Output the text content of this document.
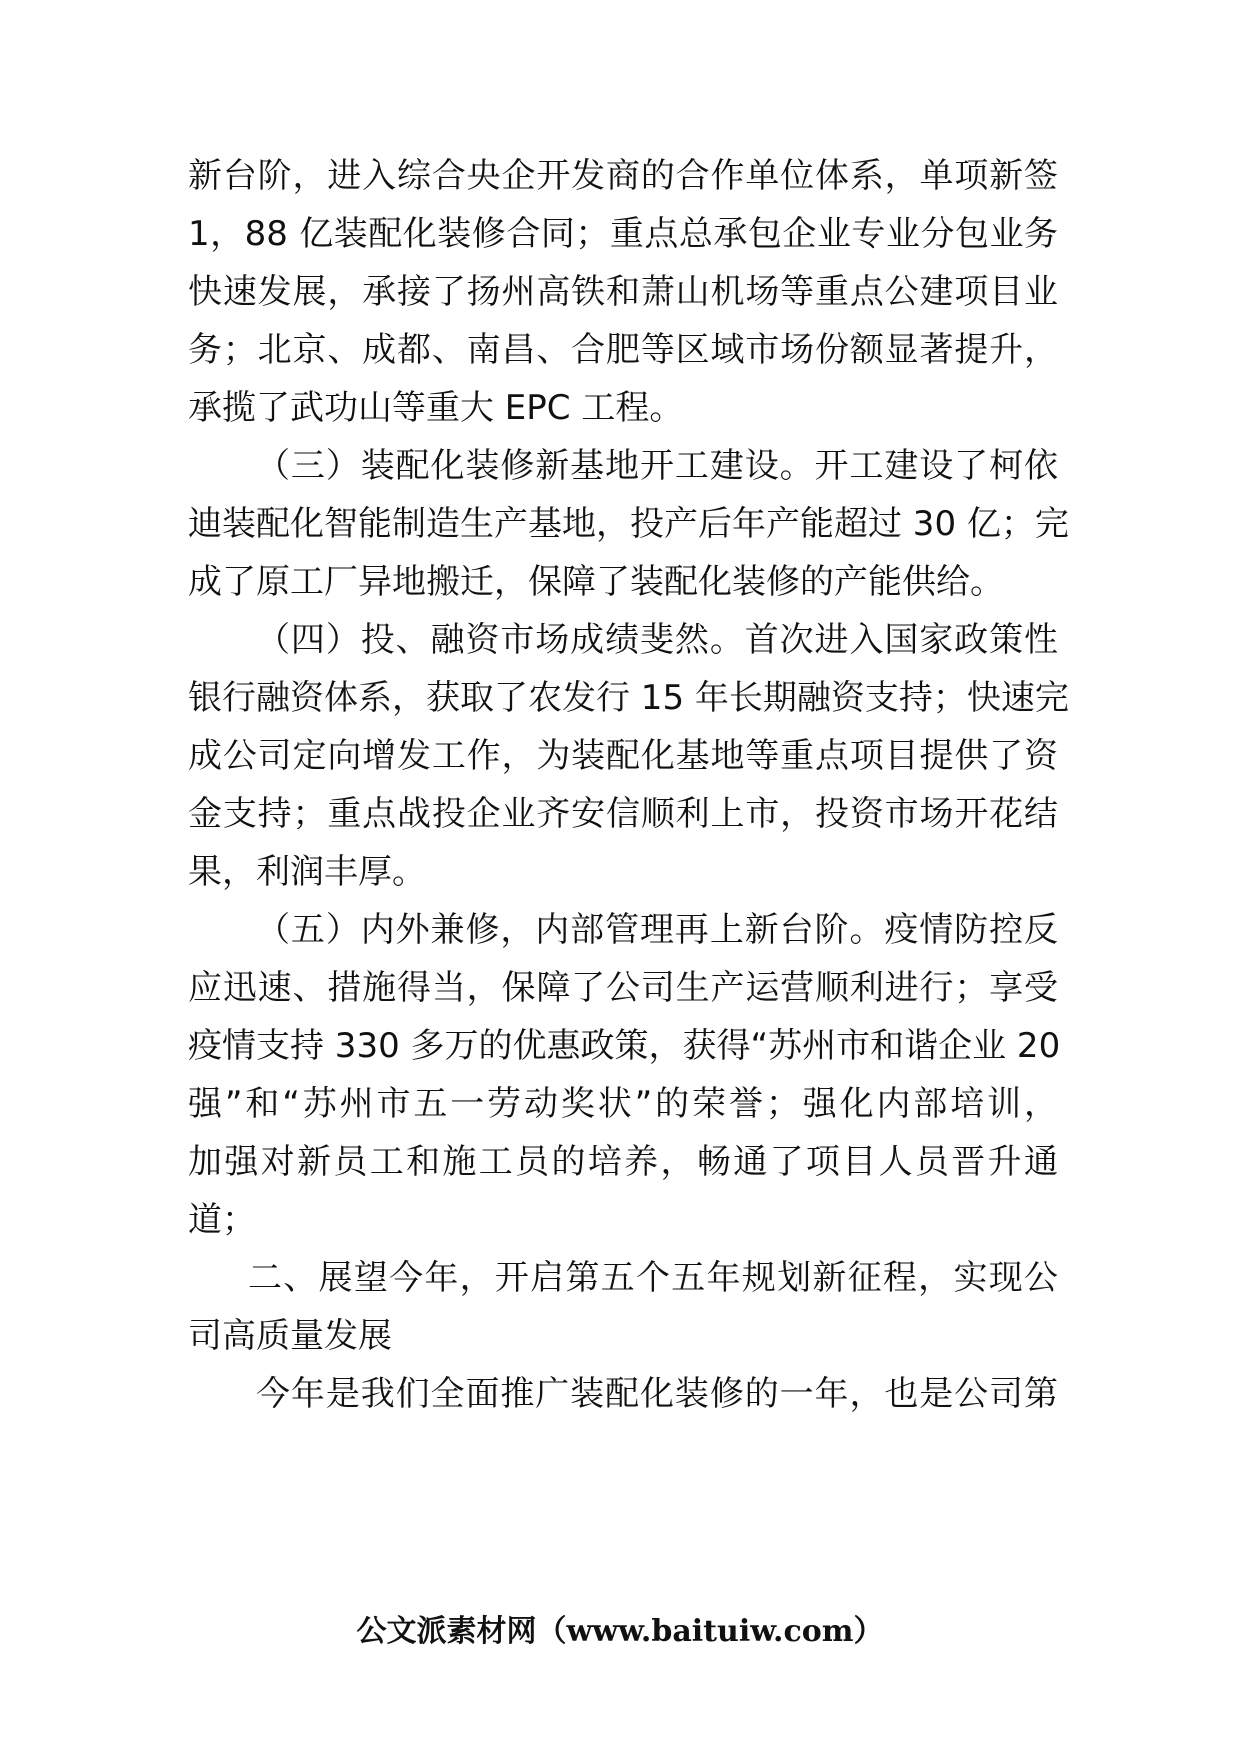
新台阶，进入综合央企开发商的合作单位体系，单项新签
1，88 亿装配化装修合同；重点总承包企业专业分包业务
快速发展，承接了扬州高铁和萧山机场等重点公建项目业
务；北京、成都、南昌、合肥等区域市场份额显著提升，
承揽了武功山等重大 EPC 工程。
（三）装配化装修新基地开工建设。开工建设了柯依
迪装配化智能制造生产基地，投产后年产能超过 30 亿；完
成了原工厂异地搬迁，保障了装配化装修的产能供给。
（四）投、融资市场成绩斐然。首次进入国家政策性
银行融资体系，获取了农发行 15 年长期融资支持；快速完
成公司定向增发工作，为装配化基地等重点项目提供了资
金支持；重点战投企业齐安信顺利上市，投资市场开花结
果，利润丰厚。
（五）内外兼修，内部管理再上新台阶。疫情防控反
应迅速、措施得当，保障了公司生产运营顺利进行；享受
疫情支持 330 多万的优惠政策，获得“苏州市和谐企业 20
强”和“苏州市五一劳动奖状”的荣誉；强化内部培训，
加强对新员工和施工员的培养，畅通了项目人员晋升通
道；
二、展望今年，开启第五个五年规划新征程，实现公
司高质量发展
今年是我们全面推广装配化装修的一年，也是公司第
公文派素材网（www.baituiw.com）
